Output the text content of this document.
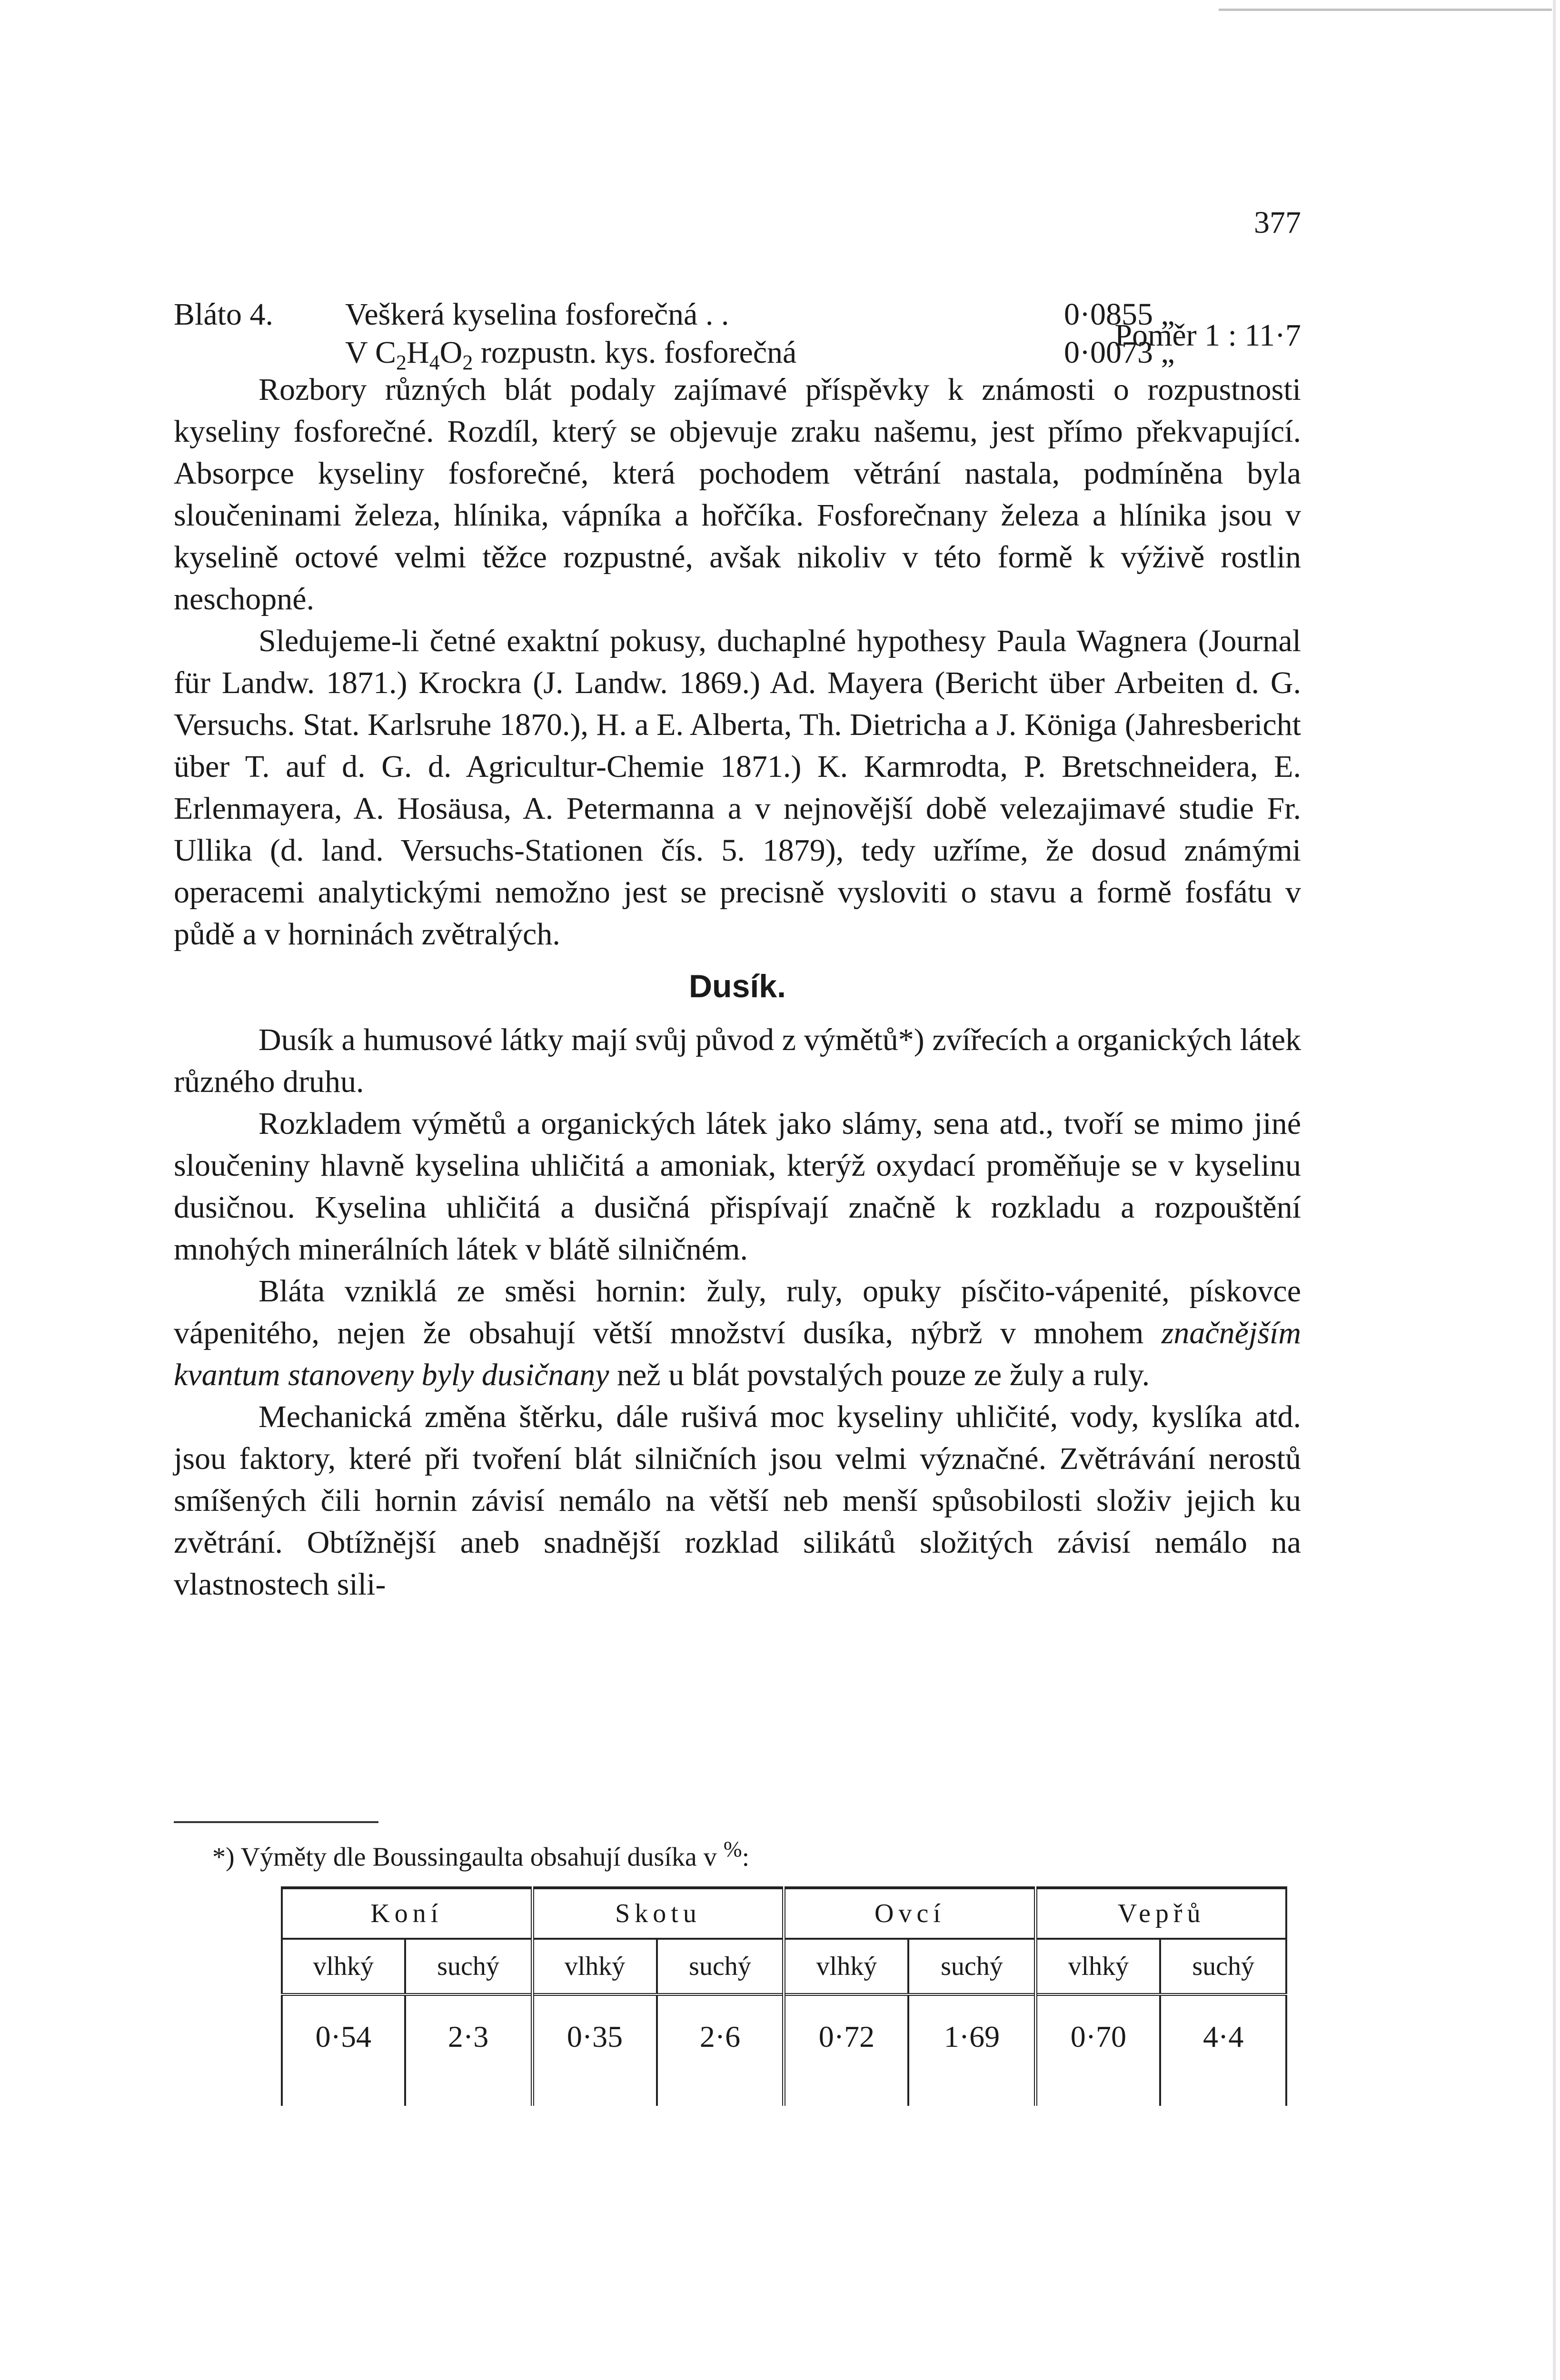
377
Bláto 4. Veškerá kyselina fosforečná . .	0·0855 „
V $C_2H_4O_2$ rozpustn. kys. fosforečná	0·0073 „
Poměr 1 : 11·7

Rozbory různých blát podaly zajímavé příspěvky k známosti o rozpustnosti kyseliny fosforečné. Rozdíl, který se objevuje zraku našemu, jest přímo překvapující. Absorpce kyseliny fosforečné, která pochodem větrání nastala, podmíněna byla sloučeninami železa, hlínika, vápníka a hořčíka. Fosforečnany železa a hlínika jsou v kyselině octové velmi těžce rozpustné, avšak nikoliv v této formě k výživě rostlin neschopné.

Sledujeme-li četné exaktní pokusy, duchaplné hypothesy Paula Wagnera (Journal für Landw. 1871.) Krockra (J. Landw. 1869.) Ad. Mayera (Bericht über Arbeiten d. G. Versuchs. Stat. Karlsruhe 1870.), H. a E. Alberta, Th. Dietricha a J. Königa (Jahresbericht über T. auf d. G. d. Agricultur-Chemie 1871.) K. Karmrodta, P. Bretschneidera, E. Erlenmayera, A. Hosäusa, A. Petermanna a v nejnovější době velezajimavé studie Fr. Ullika (d. land. Versuchs-Stationen čís. 5. 1879), tedy uzříme, že dosud známými operacemi analytickými nemožno jest se precisně vysloviti o stavu a formě fosfátu v půdě a v horninách zvětralých.

Dusík.

Dusík a humusové látky mají svůj původ z výmětů*) zvířecích a organických látek různého druhu.

Rozkladem výmětů a organických látek jako slámy, sena atd., tvoří se mimo jiné sloučeniny hlavně kyselina uhličitá a amoniak, kterýž oxydací proměňuje se v kyselinu dusičnou. Kyselina uhličitá a dusičná přispívají značně k rozkladu a rozpouštění mnohých minerálních látek v blátě silničném.

Bláta vzniklá ze směsi hornin: žuly, ruly, opuky písčito-vápenité, pískovce vápenitého, nejen že obsahují větší množství dusíka, nýbrž v mnohem značnějším kvantum stanoveny byly dusičnany než u blát povstalých pouze ze žuly a ruly.

Mechanická změna štěrku, dále rušivá moc kyseliny uhličité, vody, kyslíka atd. jsou faktory, které při tvoření blát silničních jsou velmi význačné. Zvětrávání nerostů smíšených čili hornin závisí nemálo na větší neb menší spůsobilosti složiv jejich ku zvětrání. Obtížnější aneb snadnější rozklad silikátů složitých závisí nemálo na vlastnostech sili-

*) Výměty dle Boussingaulta obsahují dusíka v %:
Koní		Skotu		Ovcí		Vepřů	
vlhký	suchý	vlhký	suchý	vlhký	suchý	vlhký	suchý
0·54	2·3	0·35	2·6	0·72	1·69	0·70	4·4
